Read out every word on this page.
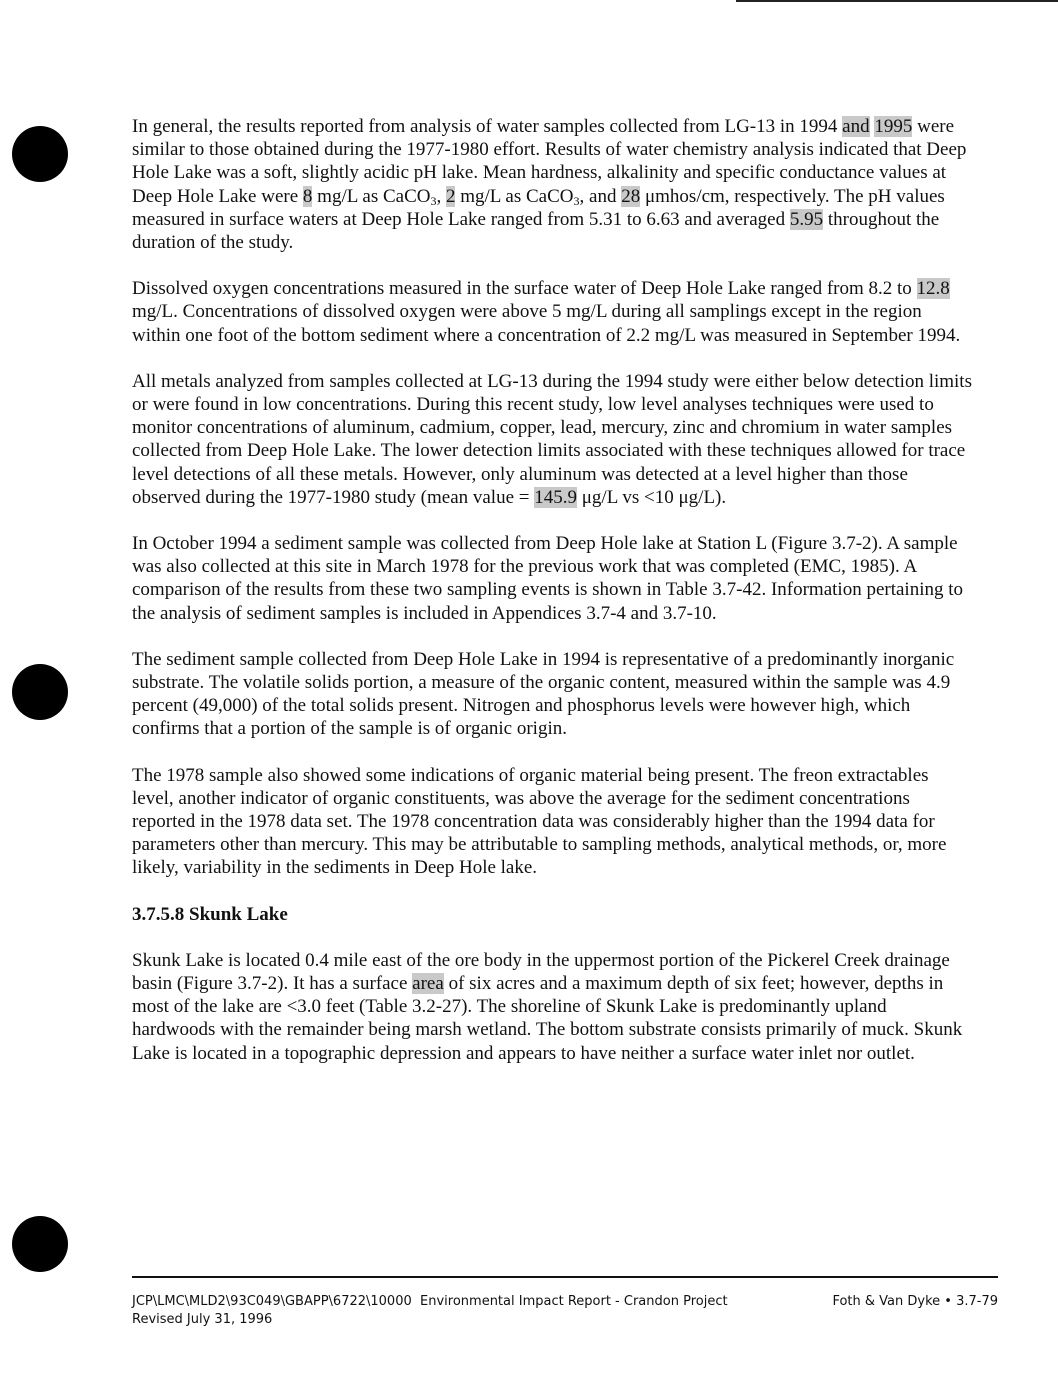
In general, the results reported from analysis of water samples collected from LG-13 in 1994 and 1995 were similar to those obtained during the 1977-1980 effort. Results of water chemistry analysis indicated that Deep Hole Lake was a soft, slightly acidic pH lake. Mean hardness, alkalinity and specific conductance values at Deep Hole Lake were 8 mg/L as CaCO$_3$, 2 mg/L as CaCO$_3$, and 28 μmhos/cm, respectively. The pH values measured in surface waters at Deep Hole Lake ranged from 5.31 to 6.63 and averaged 5.95 throughout the duration of the study.

Dissolved oxygen concentrations measured in the surface water of Deep Hole Lake ranged from 8.2 to 12.8 mg/L. Concentrations of dissolved oxygen were above 5 mg/L during all samplings except in the region within one foot of the bottom sediment where a concentration of 2.2 mg/L was measured in September 1994.

All metals analyzed from samples collected at LG-13 during the 1994 study were either below detection limits or were found in low concentrations. During this recent study, low level analyses techniques were used to monitor concentrations of aluminum, cadmium, copper, lead, mercury, zinc and chromium in water samples collected from Deep Hole Lake. The lower detection limits associated with these techniques allowed for trace level detections of all these metals. However, only aluminum was detected at a level higher than those observed during the 1977-1980 study (mean value = 145.9 μg/L vs <10 μg/L).

In October 1994 a sediment sample was collected from Deep Hole lake at Station L (Figure 3.7-2). A sample was also collected at this site in March 1978 for the previous work that was completed (EMC, 1985). A comparison of the results from these two sampling events is shown in Table 3.7-42. Information pertaining to the analysis of sediment samples is included in Appendices 3.7-4 and 3.7-10.

The sediment sample collected from Deep Hole Lake in 1994 is representative of a predominantly inorganic substrate. The volatile solids portion, a measure of the organic content, measured within the sample was 4.9 percent (49,000) of the total solids present. Nitrogen and phosphorus levels were however high, which confirms that a portion of the sample is of organic origin.

The 1978 sample also showed some indications of organic material being present. The freon extractables level, another indicator of organic constituents, was above the average for the sediment concentrations reported in the 1978 data set. The 1978 concentration data was considerably higher than the 1994 data for parameters other than mercury. This may be attributable to sampling methods, analytical methods, or, more likely, variability in the sediments in Deep Hole lake.

3.7.5.8 Skunk Lake

Skunk Lake is located 0.4 mile east of the ore body in the uppermost portion of the Pickerel Creek drainage basin (Figure 3.7-2). It has a surface area of six acres and a maximum depth of six feet; however, depths in most of the lake are <3.0 feet (Table 3.2-27). The shoreline of Skunk Lake is predominantly upland hardwoods with the remainder being marsh wetland. The bottom substrate consists primarily of muck. Skunk Lake is located in a topographic depression and appears to have neither a surface water inlet nor outlet.

JCP\LMC\MLD2\93C049\GBAPP\6722\10000 Environmental Impact Report - Crandon Project
Revised July 31, 1996
Foth & Van Dyke • 3.7-79
